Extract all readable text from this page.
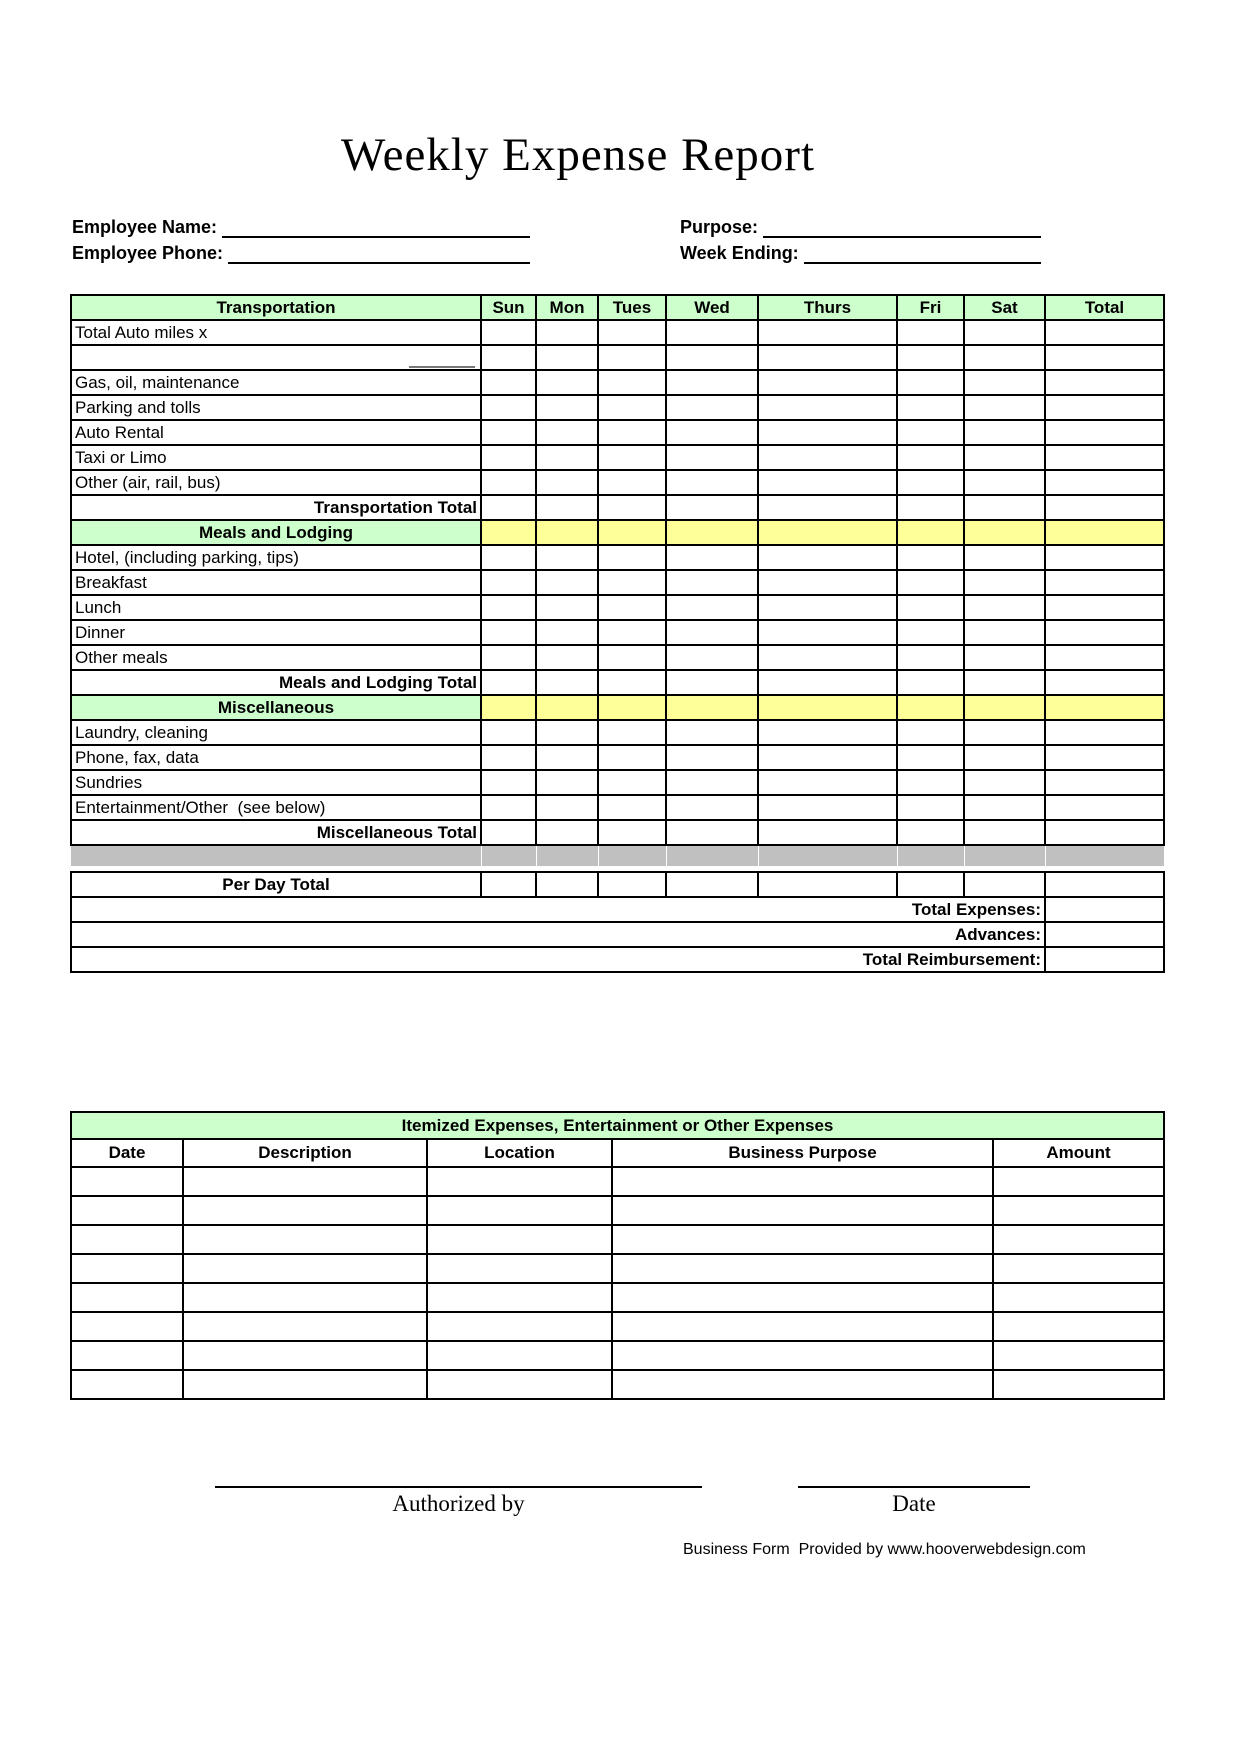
Weekly Expense Report
Employee Name:	Purpose:
Employee Phone:	Week Ending:
Transportation	Sun	Mon	Tues	Wed	Thurs	Fri	Sat	Total
Total Auto miles x								

Gas, oil, maintenance								
Parking and tolls								
Auto Rental								
Taxi or Limo								
Other (air, rail, bus)								
Transportation Total								
Meals and Lodging								
Hotel, (including parking, tips)								
Breakfast								
Lunch								
Dinner								
Other meals								
Meals and Lodging Total								
Miscellaneous								
Laundry, cleaning								
Phone, fax, data								
Sundries								
Entertainment/Other  (see below)								
Miscellaneous Total								

Per Day Total								
Total Expenses:								
Advances:								
Total Reimbursement:								
Itemized Expenses, Entertainment or Other Expenses				
Date	Description	Location	Business Purpose	Amount

Authorized by	Date
Business Form  Provided by www.hooverwebdesign.com
